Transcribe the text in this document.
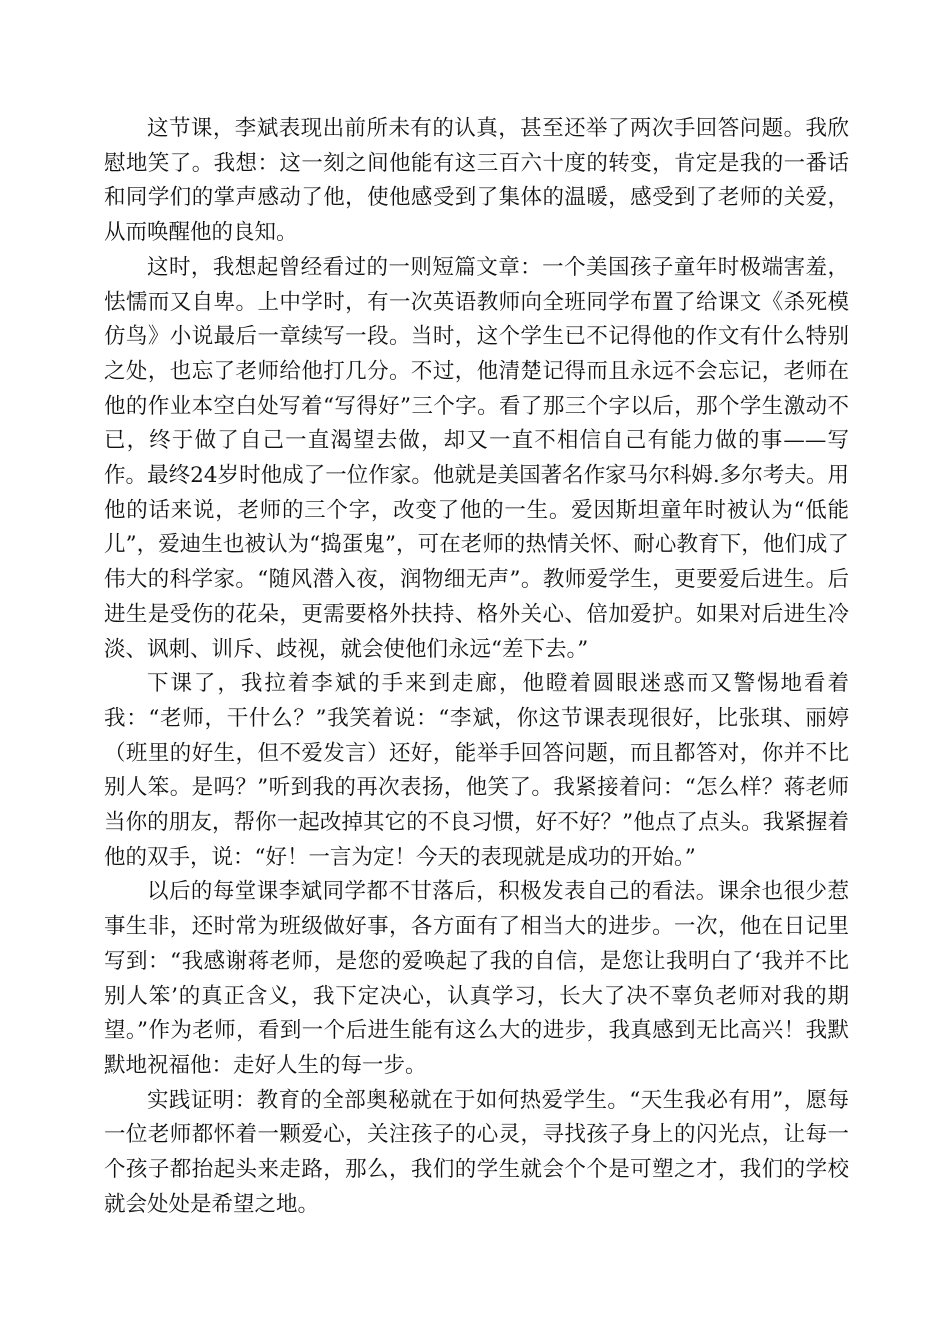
这节课，李斌表现出前所未有的认真，甚至还举了两次手回答问题。我欣慰地笑了。我想：这一刻之间他能有这三百六十度的转变，肯定是我的一番话和同学们的掌声感动了他，使他感受到了集体的温暖，感受到了老师的关爱，从而唤醒他的良知。

这时，我想起曾经看过的一则短篇文章：一个美国孩子童年时极端害羞，怯懦而又自卑。上中学时，有一次英语教师向全班同学布置了给课文《杀死模仿鸟》小说最后一章续写一段。当时，这个学生已不记得他的作文有什么特别之处，也忘了老师给他打几分。不过，他清楚记得而且永远不会忘记，老师在他的作业本空白处写着“写得好”三个字。看了那三个字以后，那个学生激动不已，终于做了自己一直渴望去做，却又一直不相信自己有能力做的事——写作。最终24岁时他成了一位作家。他就是美国著名作家马尔科姆.多尔考夫。用他的话来说，老师的三个字，改变了他的一生。爱因斯坦童年时被认为“低能儿”，爱迪生也被认为“捣蛋鬼”，可在老师的热情关怀、耐心教育下，他们成了伟大的科学家。“随风潜入夜，润物细无声”。教师爱学生，更要爱后进生。后进生是受伤的花朵，更需要格外扶持、格外关心、倍加爱护。如果对后进生冷淡、讽刺、训斥、歧视，就会使他们永远“差下去。”

下课了，我拉着李斌的手来到走廊，他瞪着圆眼迷惑而又警惕地看着我：“老师，干什么？”我笑着说：“李斌，你这节课表现很好，比张琪、丽婷（班里的好生，但不爱发言）还好，能举手回答问题，而且都答对，你并不比别人笨。是吗？”听到我的再次表扬，他笑了。我紧接着问：“怎么样？蒋老师当你的朋友，帮你一起改掉其它的不良习惯，好不好？”他点了点头。我紧握着他的双手，说：“好！一言为定！今天的表现就是成功的开始。”

以后的每堂课李斌同学都不甘落后，积极发表自己的看法。课余也很少惹事生非，还时常为班级做好事，各方面有了相当大的进步。一次，他在日记里写到：“我感谢蒋老师，是您的爱唤起了我的自信，是您让我明白了‘我并不比别人笨’的真正含义，我下定决心，认真学习，长大了决不辜负老师对我的期望。”作为老师，看到一个后进生能有这么大的进步，我真感到无比高兴！我默默地祝福他：走好人生的每一步。

实践证明：教育的全部奥秘就在于如何热爱学生。“天生我必有用”，愿每一位老师都怀着一颗爱心，关注孩子的心灵，寻找孩子身上的闪光点，让每一个孩子都抬起头来走路，那么，我们的学生就会个个是可塑之才，我们的学校就会处处是希望之地。
